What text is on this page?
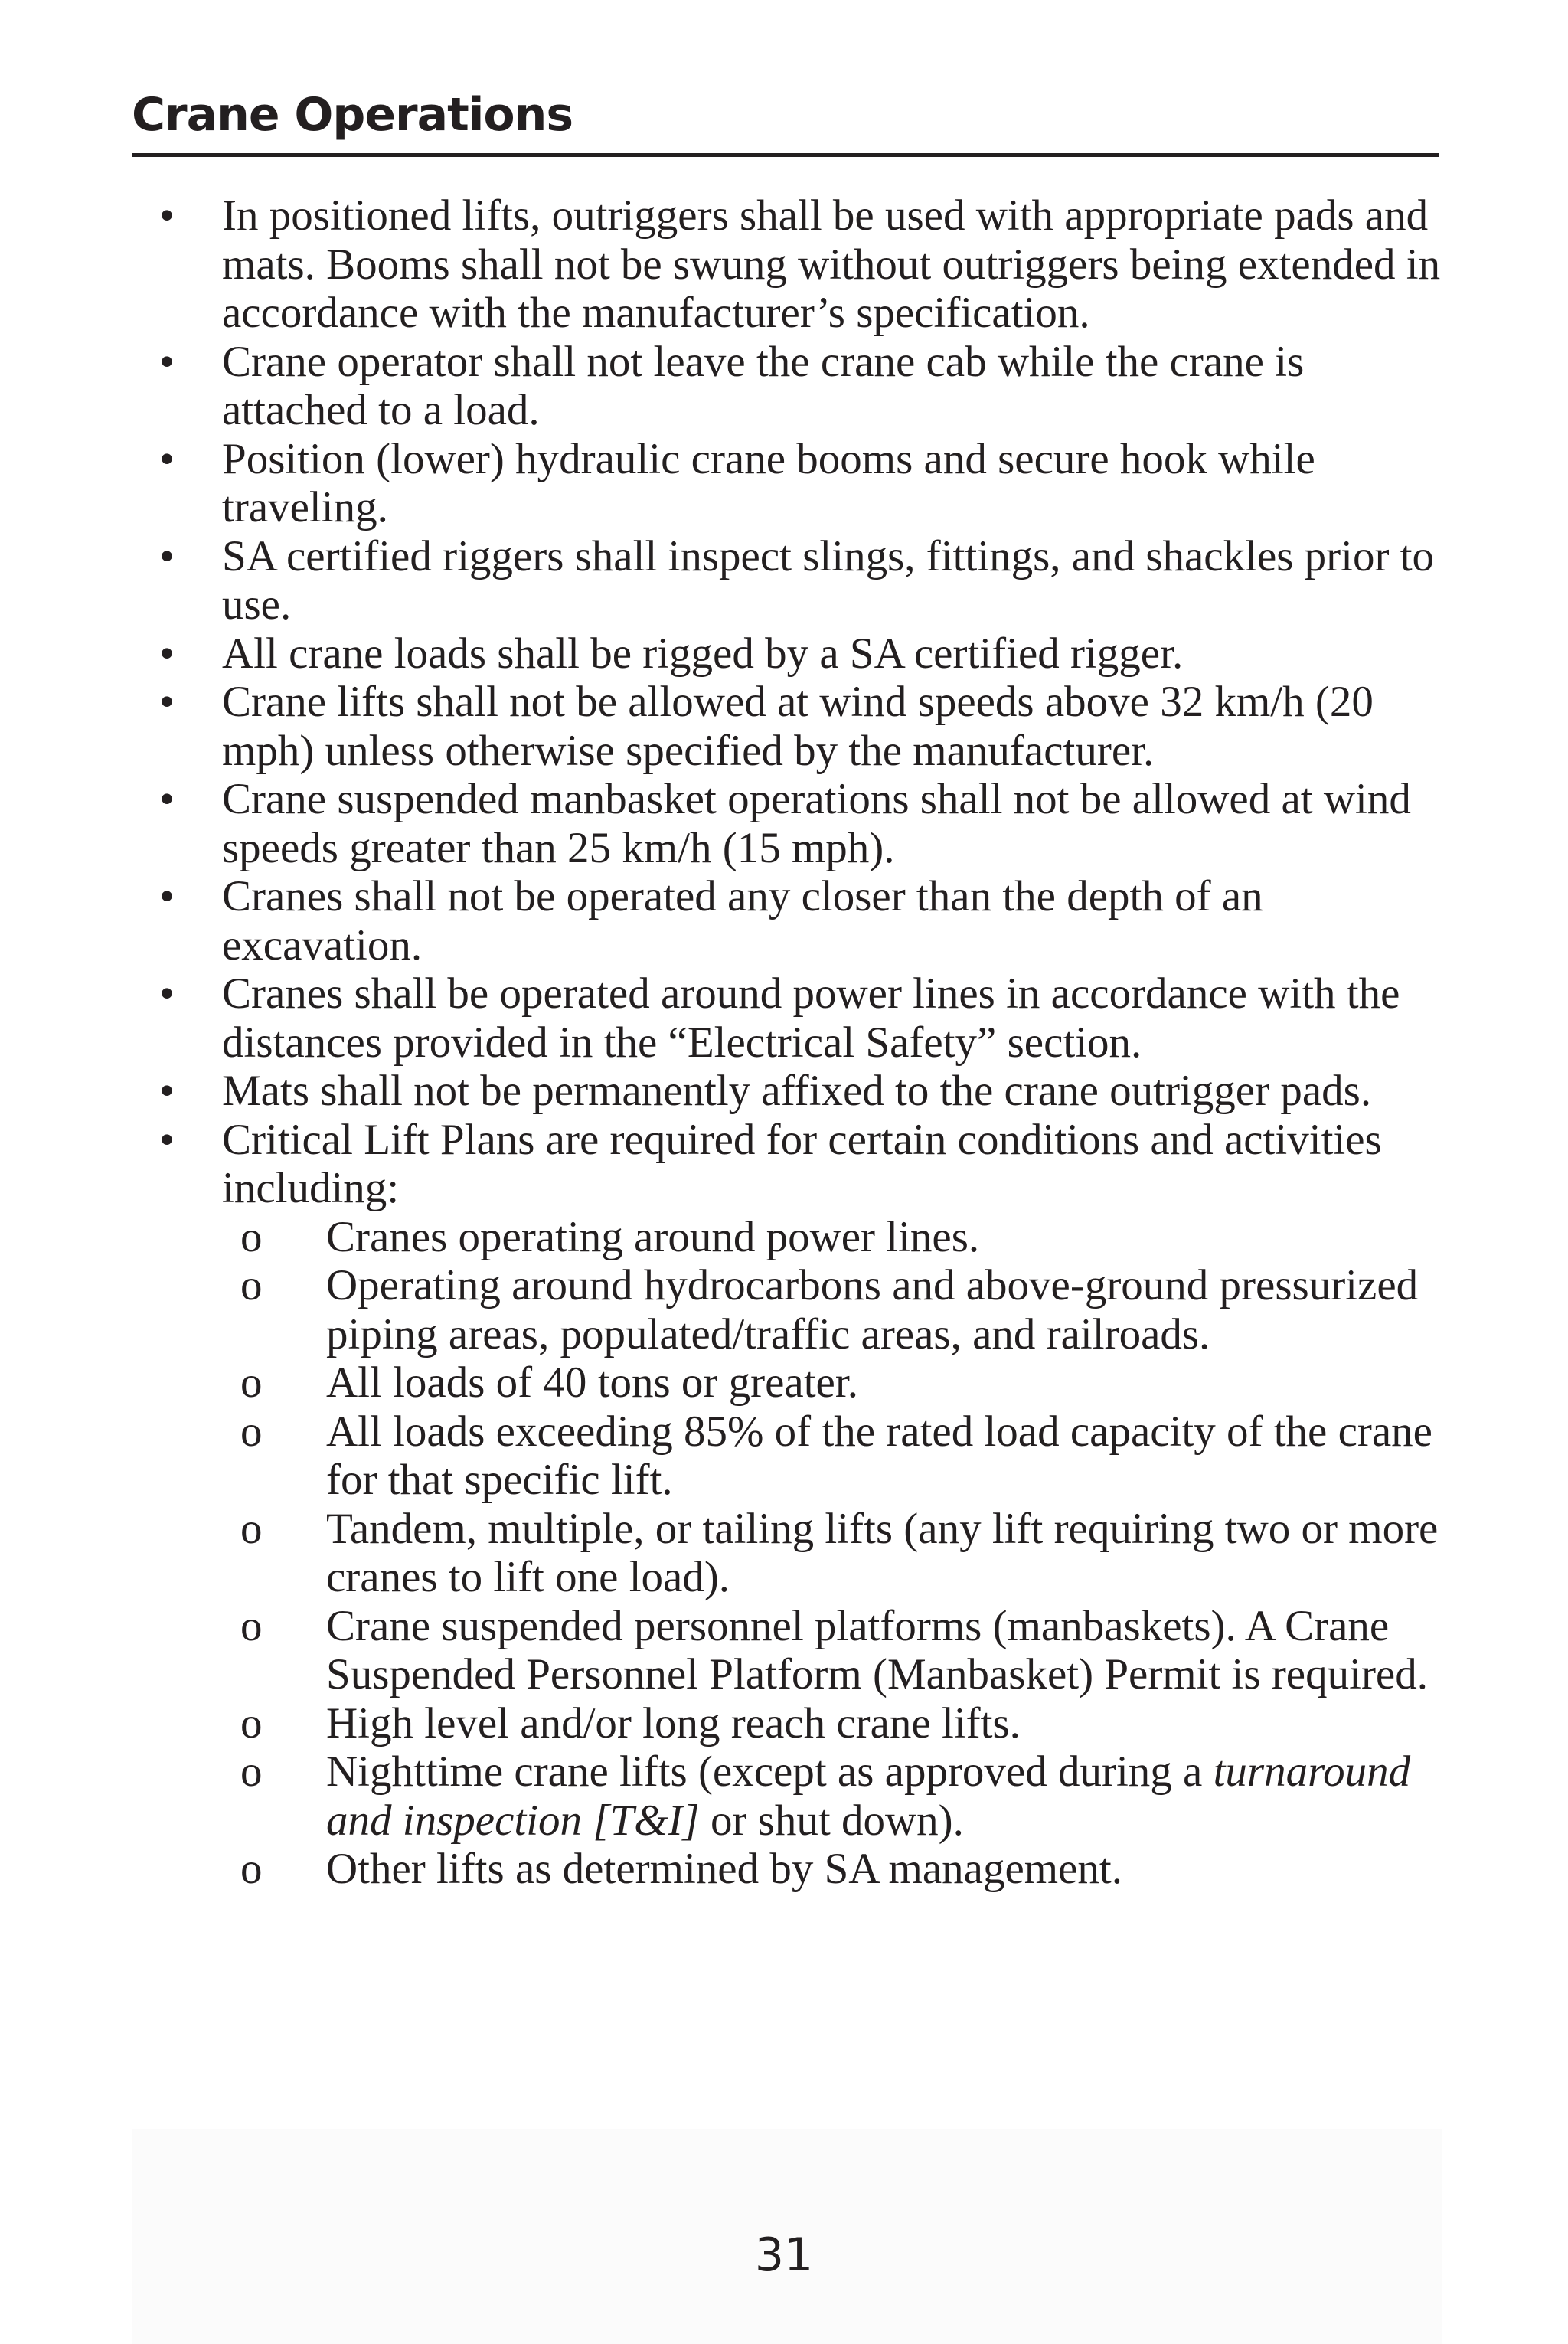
Crane Operations
• In positioned lifts, outriggers shall be used with appropriate pads and mats. Booms shall not be swung without outriggers being extended in accordance with the manufacturer’s specification.
• Crane operator shall not leave the crane cab while the crane is attached to a load.
• Position (lower) hydraulic crane booms and secure hook while traveling.
• SA certified riggers shall inspect slings, fittings, and shackles prior to use.
• All crane loads shall be rigged by a SA certified rigger.
• Crane lifts shall not be allowed at wind speeds above 32 km/h (20 mph) unless otherwise specified by the manufacturer.
• Crane suspended manbasket operations shall not be allowed at wind speeds greater than 25 km/h (15 mph).
• Cranes shall not be operated any closer than the depth of an excavation.
• Cranes shall be operated around power lines in accordance with the distances provided in the “Electrical Safety” section.
• Mats shall not be permanently affixed to the crane outrigger pads.
• Critical Lift Plans are required for certain conditions and activities including:
o Cranes operating around power lines.
o Operating around hydrocarbons and above-ground pressurized piping areas, populated/traffic areas, and railroads.
o All loads of 40 tons or greater.
o All loads exceeding 85% of the rated load capacity of the crane for that specific lift.
o Tandem, multiple, or tailing lifts (any lift requiring two or more cranes to lift one load).
o Crane suspended personnel platforms (manbaskets). A Crane Suspended Personnel Platform (Manbasket) Permit is required.
o High level and/or long reach crane lifts.
o Nighttime crane lifts (except as approved during a turnaround and inspection [T&I] or shut down).
o Other lifts as determined by SA management.
31
